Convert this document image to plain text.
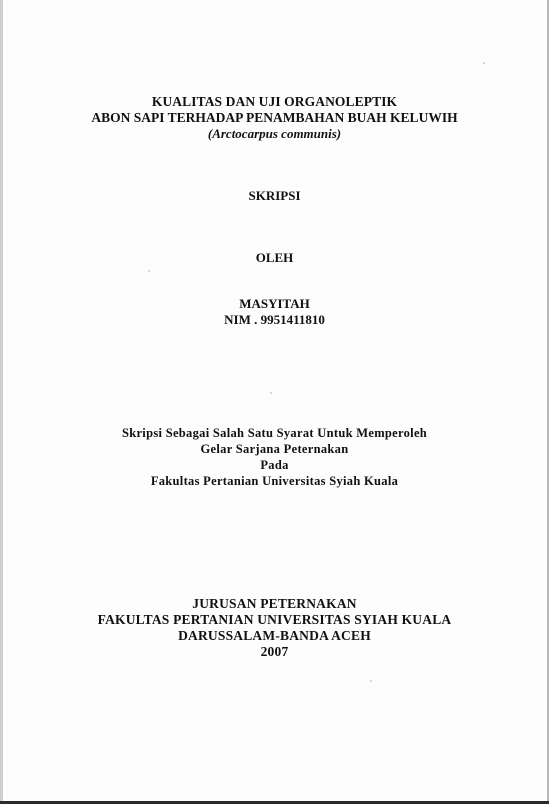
KUALITAS DAN UJI ORGANOLEPTIK
ABON SAPI TERHADAP PENAMBAHAN BUAH KELUWIH
(Arctocarpus communis)
SKRIPSI
OLEH
MASYITAH
NIM . 9951411810
Skripsi Sebagai Salah Satu Syarat Untuk Memperoleh
Gelar Sarjana Peternakan
Pada
Fakultas Pertanian Universitas Syiah Kuala
JURUSAN PETERNAKAN
FAKULTAS PERTANIAN UNIVERSITAS SYIAH KUALA
DARUSSALAM-BANDA ACEH
2007
